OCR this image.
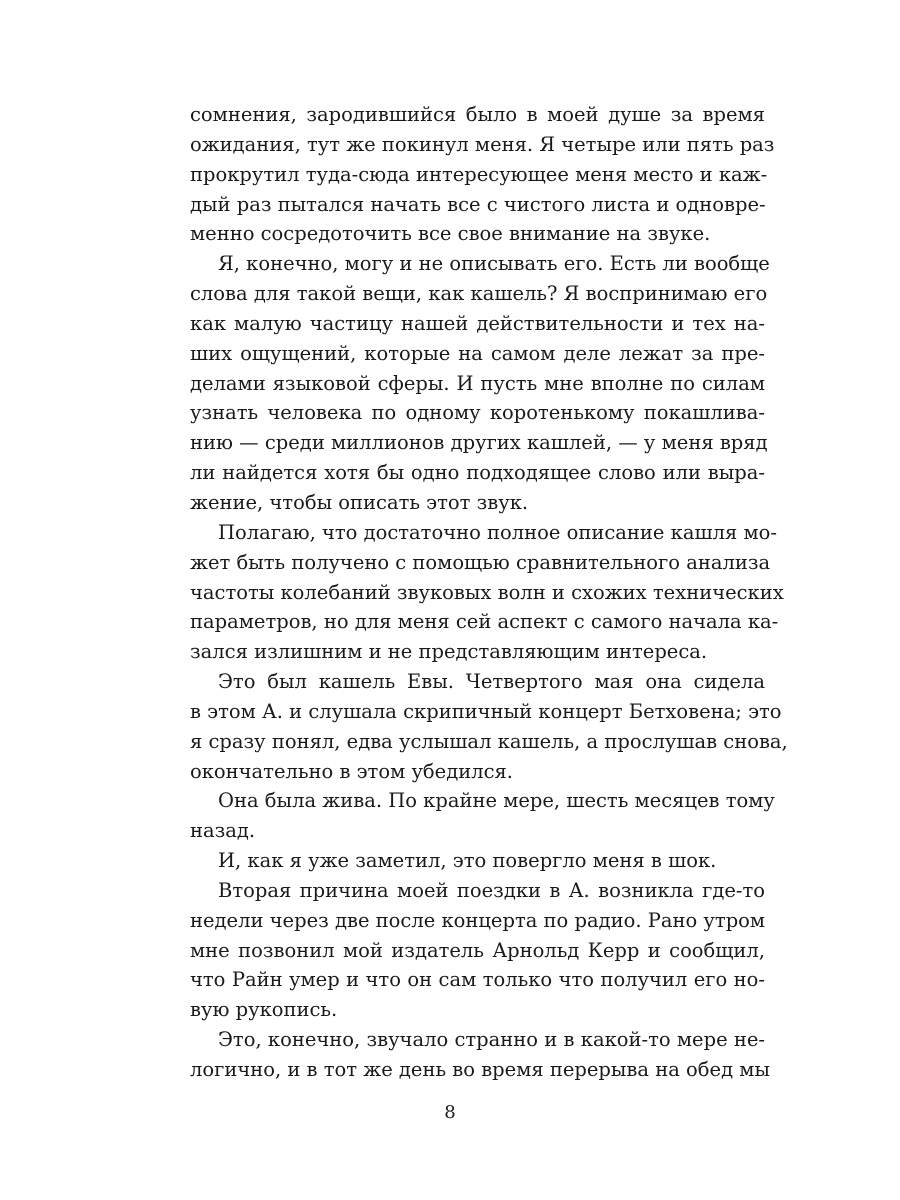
сомнения, зародившийся было в моей душе за время
ожидания, тут же покинул меня. Я четыре или пять раз
прокрутил туда-сюда интересующее меня место и каж-
дый раз пытался начать все с чистого листа и одновре-
менно сосредоточить все свое внимание на звуке.
Я, конечно, могу и не описывать его. Есть ли вообще
слова для такой вещи, как кашель? Я воспринимаю его
как малую частицу нашей действительности и тех на-
ших ощущений, которые на самом деле лежат за пре-
делами языковой сферы. И пусть мне вполне по силам
узнать человека по одному коротенькому покашлива-
нию — среди миллионов других кашлей, — у меня вряд
ли найдется хотя бы одно подходящее слово или выра-
жение, чтобы описать этот звук.
Полагаю, что достаточно полное описание кашля мо-
жет быть получено с помощью сравнительного анализа
частоты колебаний звуковых волн и схожих технических
параметров, но для меня сей аспект с самого начала ка-
зался излишним и не представляющим интереса.
Это был кашель Евы. Четвертого мая она сидела
в этом А. и слушала скрипичный концерт Бетховена; это
я сразу понял, едва услышал кашель, а прослушав снова,
окончательно в этом убедился.
Она была жива. По крайне мере, шесть месяцев тому
назад.
И, как я уже заметил, это повергло меня в шок.
Вторая причина моей поездки в А. возникла где-то
недели через две после концерта по радио. Рано утром
мне позвонил мой издатель Арнольд Керр и сообщил,
что Райн умер и что он сам только что получил его но-
вую рукопись.
Это, конечно, звучало странно и в какой-то мере не-
логично, и в тот же день во время перерыва на обед мы
8
